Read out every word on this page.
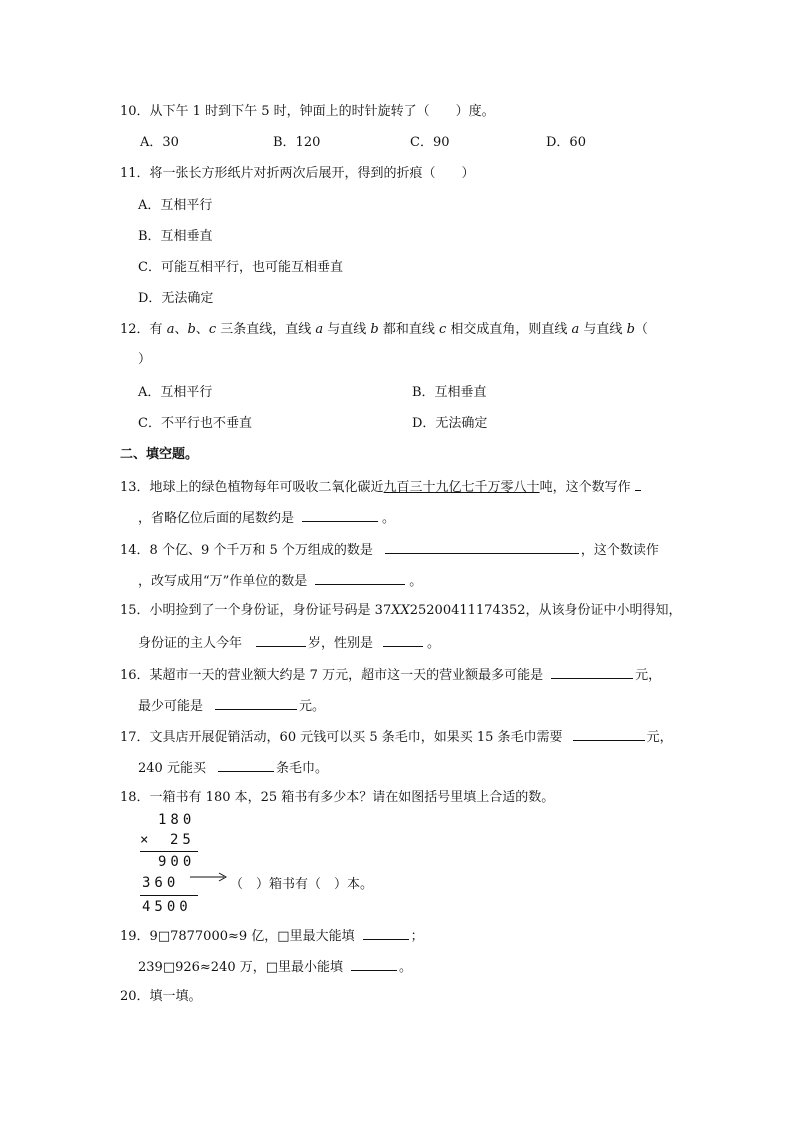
10．从下午 1 时到下午 5 时，钟面上的时针旋转了（　　）度。
A．30	B．120	C．90	D．60
11．将一张长方形纸片对折两次后展开，得到的折痕（　　）
A．互相平行
B．互相垂直
C．可能互相平行，也可能互相垂直
D．无法确定
12．有 a、b、c 三条直线，直线 a 与直线 b 都和直线 c 相交成直角，则直线 a 与直线 b（
）
A．互相平行	B．互相垂直
C．不平行也不垂直	D．无法确定
二、填空题。
13．地球上的绿色植物每年可吸收二氧化碳近九百三十九亿七千万零八十吨，这个数写作
，省略亿位后面的尾数约是	。
14．8 个亿、9 个千万和 5 个万组成的数是	，这个数读作
，改写成用“万”作单位的数是	。
15．小明捡到了一个身份证，身份证号码是 37XX25200411174352，从该身份证中小明得知，
身份证的主人今年	岁，性别是	。
16．某超市一天的营业额大约是 7 万元，超市这一天的营业额最多可能是	元，
最少可能是	元。
17．文具店开展促销活动，60 元钱可以买 5 条毛巾，如果买 15 条毛巾需要	元，
240 元能买	条毛巾。
18．一箱书有 180 本，25 箱书有多少本？请在如图括号里填上合适的数。
180
× 25
900
360	（　）箱书有（　）本。
4500
19．9□7877000≈9 亿，□里最大能填	；
239□926≈240 万，□里最小能填	。
20．填一填。
